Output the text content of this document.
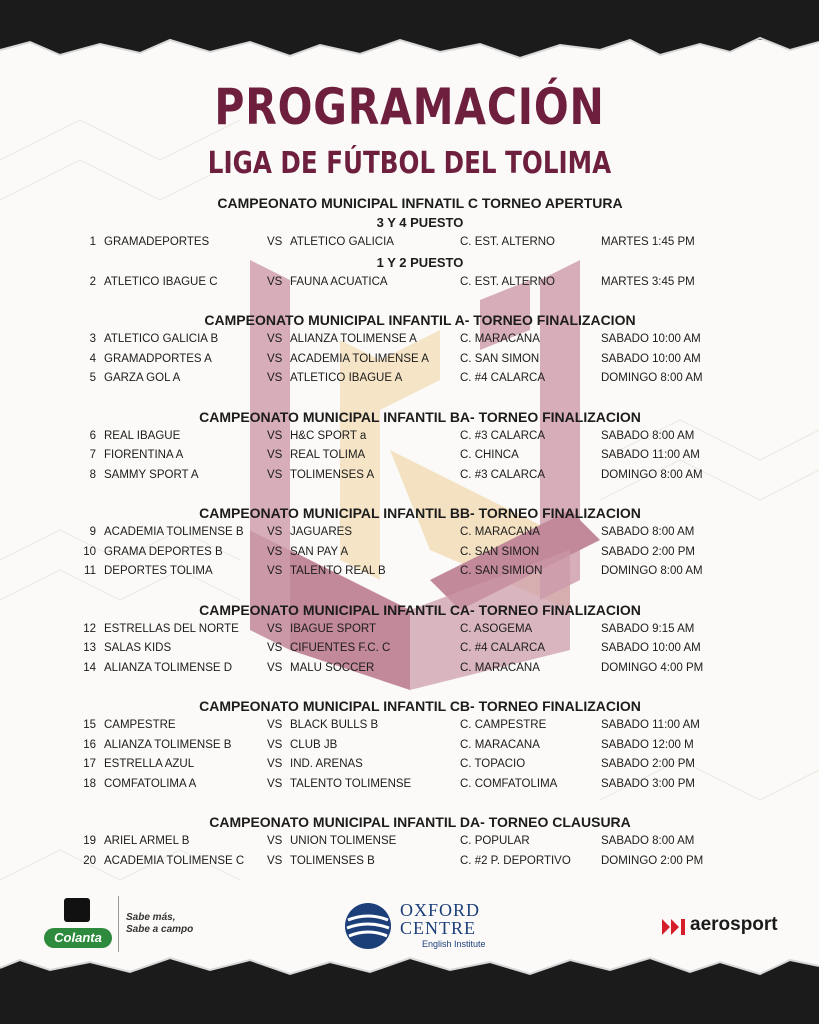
PROGRAMACIÓN
LIGA DE FÚTBOL DEL TOLIMA
CAMPEONATO MUNICIPAL INFNATIL C TORNEO APERTURA
3 Y 4 PUESTO
1 GRAMADEPORTES	VS ATLETICO GALICIA	C. EST. ALTERNO	MARTES 1:45 PM
1 Y 2 PUESTO
2 ATLETICO IBAGUE C	VS FAUNA ACUATICA	C. EST. ALTERNO	MARTES 3:45 PM
CAMPEONATO MUNICIPAL INFANTIL A- TORNEO FINALIZACION
3 ATLETICO GALICIA B	VS ALIANZA TOLIMENSE A	C. MARACANA	SABADO 10:00 AM
4 GRAMADPORTES A	VS ACADEMIA TOLIMENSE A	C. SAN SIMON	SABADO 10:00 AM
5 GARZA GOL A	VS ATLETICO IBAGUE A	C. #4 CALARCA	DOMINGO 8:00 AM
CAMPEONATO MUNICIPAL INFANTIL BA- TORNEO FINALIZACION
6 REAL IBAGUE	VS H&C SPORT a	C. #3 CALARCA	SABADO 8:00 AM
7 FIORENTINA A	VS REAL TOLIMA	C. CHINCA	SABADO 11:00 AM
8 SAMMY SPORT A	VS TOLIMENSES A	C. #3 CALARCA	DOMINGO 8:00 AM
CAMPEONATO MUNICIPAL INFANTIL BB- TORNEO FINALIZACION
9 ACADEMIA TOLIMENSE B VS JAGUARES	C. MARACANA	SABADO 8:00 AM
10 GRAMA DEPORTES B	VS SAN PAY A	C. SAN SIMON	SABADO 2:00 PM
11 DEPORTES TOLIMA	VS TALENTO REAL B	C. SAN SIMION	DOMINGO 8:00 AM
CAMPEONATO MUNICIPAL INFANTIL CA- TORNEO FINALIZACION
12 ESTRELLAS DEL NORTE VS IBAGUE SPORT	C. ASOGEMA	SABADO 9:15 AM
13 SALAS KIDS	VS CIFUENTES F.C. C	C. #4 CALARCA	SABADO 10:00 AM
14 ALIANZA TOLIMENSE D	VS MALU SOCCER	C. MARACANA	DOMINGO 4:00 PM
CAMPEONATO MUNICIPAL INFANTIL CB- TORNEO FINALIZACION
15 CAMPESTRE	VS BLACK BULLS B	C. CAMPESTRE	SABADO 11:00 AM
16 ALIANZA TOLIMENSE B	VS CLUB JB	C. MARACANA	SABADO 12:00 M
17 ESTRELLA AZUL	VS IND. ARENAS	C. TOPACIO	SABADO 2:00 PM
18 COMFATOLIMA A	VS TALENTO TOLIMENSE	C. COMFATOLIMA	SABADO 3:00 PM
CAMPEONATO MUNICIPAL INFANTIL DA- TORNEO CLAUSURA
19 ARIEL ARMEL B	VS UNION TOLIMENSE	C. POPULAR	SABADO 8:00 AM
20 ACADEMIA TOLIMENSE C VS TOLIMENSES B	C. #2 P. DEPORTIVO	DOMINGO 2:00 PM
Colanta
Sabe más,
Sabe a campo
OXFORD
CENTRE
English Institute
aerosport
